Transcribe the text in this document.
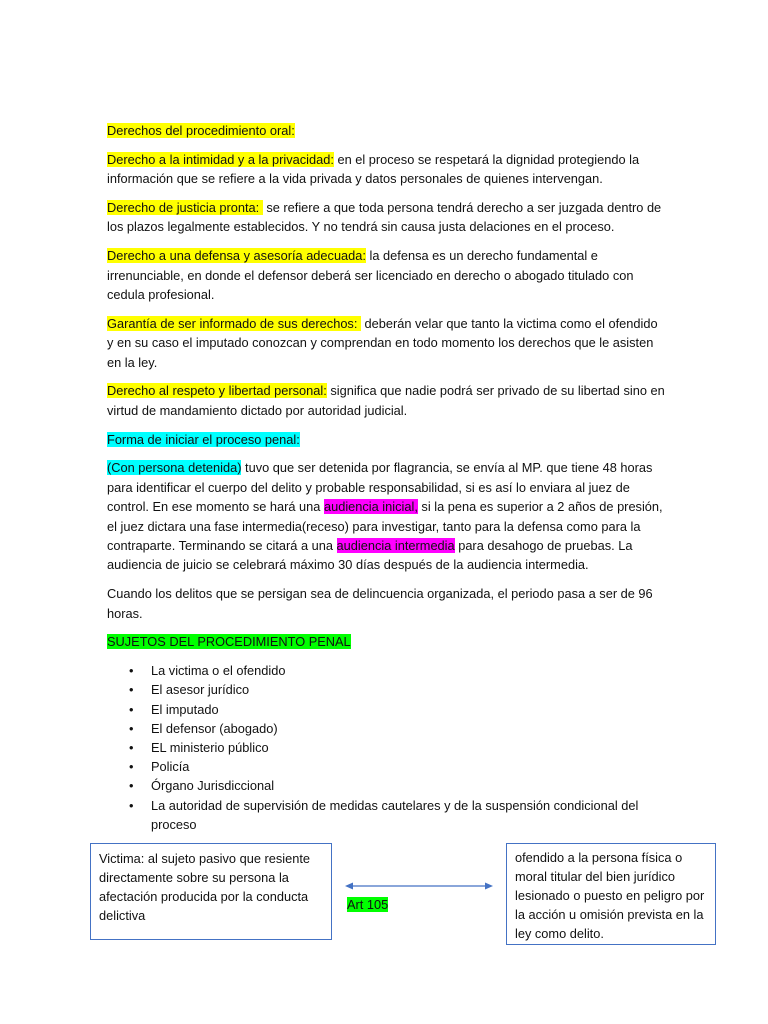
Derechos del procedimiento oral:

Derecho a la intimidad y a la privacidad: en el proceso se respetará la dignidad protegiendo la información que se refiere a la vida privada y datos personales de quienes intervengan.

Derecho de justicia pronta:  se refiere a que toda persona tendrá derecho a ser juzgada dentro de los plazos legalmente establecidos. Y no tendrá sin causa justa delaciones en el proceso.

Derecho a una defensa y asesoría adecuada: la defensa es un derecho fundamental e irrenunciable, en donde el defensor deberá ser licenciado en derecho o abogado titulado con cedula profesional.

Garantía de ser informado de sus derechos:  deberán velar que tanto la victima como el ofendido y en su caso el imputado conozcan y comprendan en todo momento los derechos que le asisten en la ley.

Derecho al respeto y libertad personal: significa que nadie podrá ser privado de su libertad sino en virtud de mandamiento dictado por autoridad judicial.

Forma de iniciar el proceso penal:

(Con persona detenida) tuvo que ser detenida por flagrancia, se envía al MP. que tiene 48 horas para identificar el cuerpo del delito y probable responsabilidad, si es así lo enviara al juez de control. En ese momento se hará una audiencia inicial, si la pena es superior a 2 años de presión, el juez dictara una fase intermedia(receso) para investigar, tanto para la defensa como para la contraparte. Terminando se citará a una audiencia intermedia para desahogo de pruebas. La audiencia de juicio se celebrará máximo 30 días después de la audiencia intermedia.

Cuando los delitos que se persigan sea de delincuencia organizada, el periodo pasa a ser de 96 horas.

SUJETOS DEL PROCEDIMIENTO PENAL

• La victima o el ofendido
• El asesor jurídico
• El imputado
• El defensor (abogado)
• EL ministerio público
• Policía
• Órgano Jurisdiccional
• La autoridad de supervisión de medidas cautelares y de la suspensión condicional del proceso
Victima: al sujeto pasivo que resiente directamente sobre su persona la afectación producida por la conducta delictiva
Art 105
ofendido a la persona física o moral titular del bien jurídico lesionado o puesto en peligro por la acción u omisión prevista en la ley como delito.
